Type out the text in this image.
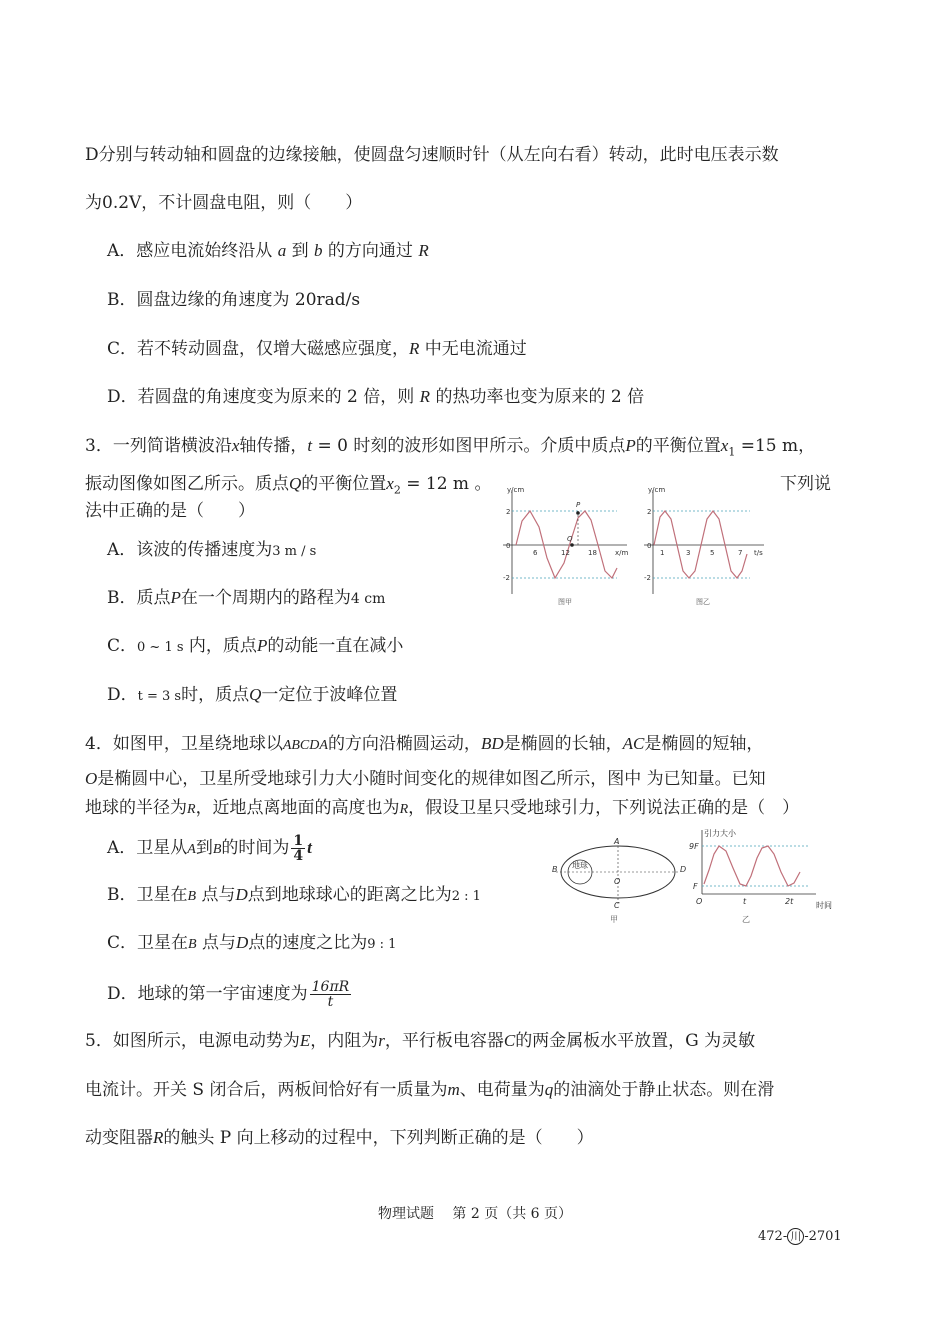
D分别与转动轴和圆盘的边缘接触，使圆盘匀速顺时针（从左向右看）转动，此时电压表示数
为0.2V，不计圆盘电阻，则（　　）
A．感应电流始终沿从 a 到 b 的方向通过 R
B．圆盘边缘的角速度为 20rad/s
C．若不转动圆盘，仅增大磁感应强度，R 中无电流通过
D．若圆盘的角速度变为原来的 2 倍，则 R 的热功率也变为原来的 2 倍
3．一列简谐横波沿x轴传播，t = 0 时刻的波形如图甲所示。介质中质点P的平衡位置$x_1 =15$ m，
振动图像如图乙所示。质点Q的平衡位置$x_2 = 12$ m 。	下列说
法中正确的是（　　）
A．该波的传播速度为3 m / s
B．质点P在一个周期内的路程为4 cm
C．0 ~ 1 s 内，质点P的动能一直在减小
D．t = 3 s时，质点Q一定位于波峰位置
y/cm
2
0
-2
6	12	18	x/m
P
Q
图甲
y/cm
2
0
-2
1	3	5	7 t/s
图乙
4．如图甲，卫星绕地球以ABCDA的方向沿椭圆运动，BD是椭圆的长轴，AC是椭圆的短轴，
O是椭圆中心，卫星所受地球引力大小随时间变化的规律如图乙所示，图中 为已知量。已知
地球的半径为R，近地点离地面的高度也为R，假设卫星只受地球引力，下列说法正确的是（　）
A．卫星从A到B的时间为 $\frac{1}{4}$ t
B．卫星在B 点与D点到地球球心的距离之比为2 : 1
C．卫星在B 点与D点的速度之比为9 : 1
D．地球的第一宇宙速度为 $\frac{16\pi R}{t}$
地球
A
B
C
D
O
甲
引力大小
9F
F
O	t	2t	时间
乙
5．如图所示，电源电动势为E，内阻为r，平行板电容器C的两金属板水平放置，G 为灵敏
电流计。开关 S 闭合后，两板间恰好有一质量为m、电荷量为q的油滴处于静止状态。则在滑
动变阻器R的触头 P 向上移动的过程中，下列判断正确的是（　　）
物理试题　 第 2 页（共 6 页）
472- 川 -2701
